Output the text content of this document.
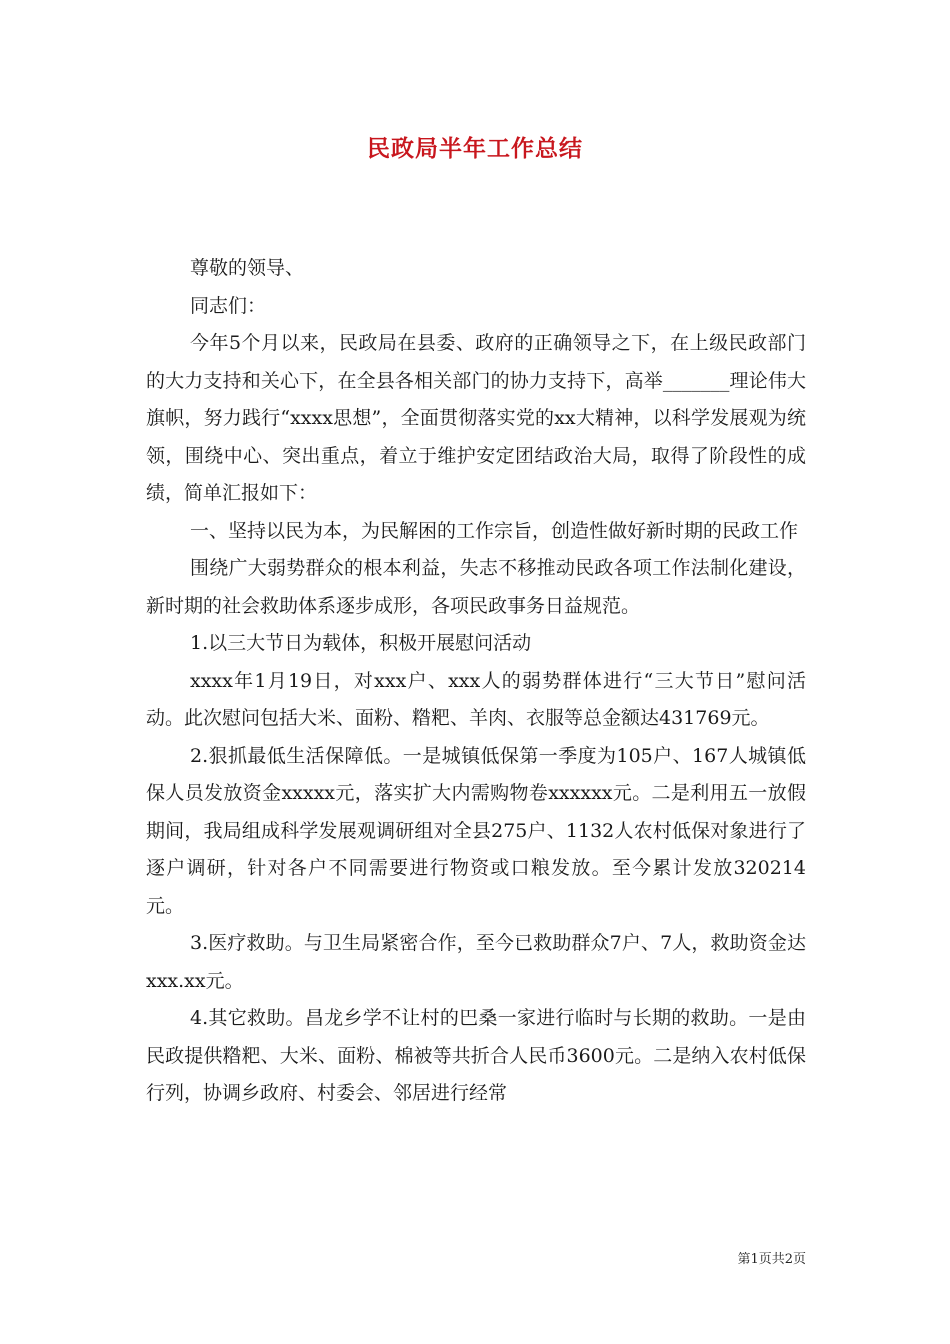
民政局半年工作总结

尊敬的领导、

同志们：

今年5个月以来，民政局在县委、政府的正确领导之下，在上级民政部门的大力支持和关心下，在全县各相关部门的协力支持下，高举_______理论伟大旗帜，努力践行“xxxx思想”，全面贯彻落实党的xx大精神，以科学发展观为统领，围绕中心、突出重点，着立于维护安定团结政治大局，取得了阶段性的成绩，简单汇报如下：

一、坚持以民为本，为民解困的工作宗旨，创造性做好新时期的民政工作

围绕广大弱势群众的根本利益，失志不移推动民政各项工作法制化建设，新时期的社会救助体系逐步成形，各项民政事务日益规范。

1.以三大节日为载体，积极开展慰问活动

xxxx年1月19日，对xxx户、xxx人的弱势群体进行“三大节日”慰问活动。此次慰问包括大米、面粉、糌粑、羊肉、衣服等总金额达431769元。

2.狠抓最低生活保障低。一是城镇低保第一季度为105户、167人城镇低保人员发放资金xxxxx元，落实扩大内需购物卷xxxxxx元。二是利用五一放假期间，我局组成科学发展观调研组对全县275户、1132人农村低保对象进行了逐户调研，针对各户不同需要进行物资或口粮发放。至今累计发放320214元。

3.医疗救助。与卫生局紧密合作，至今已救助群众7户、7人，救助资金达xxx.xx元。

4.其它救助。昌龙乡学不让村的巴桑一家进行临时与长期的救助。一是由民政提供糌粑、大米、面粉、棉被等共折合人民币3600元。二是纳入农村低保行列，协调乡政府、村委会、邻居进行经常

第1页共2页
